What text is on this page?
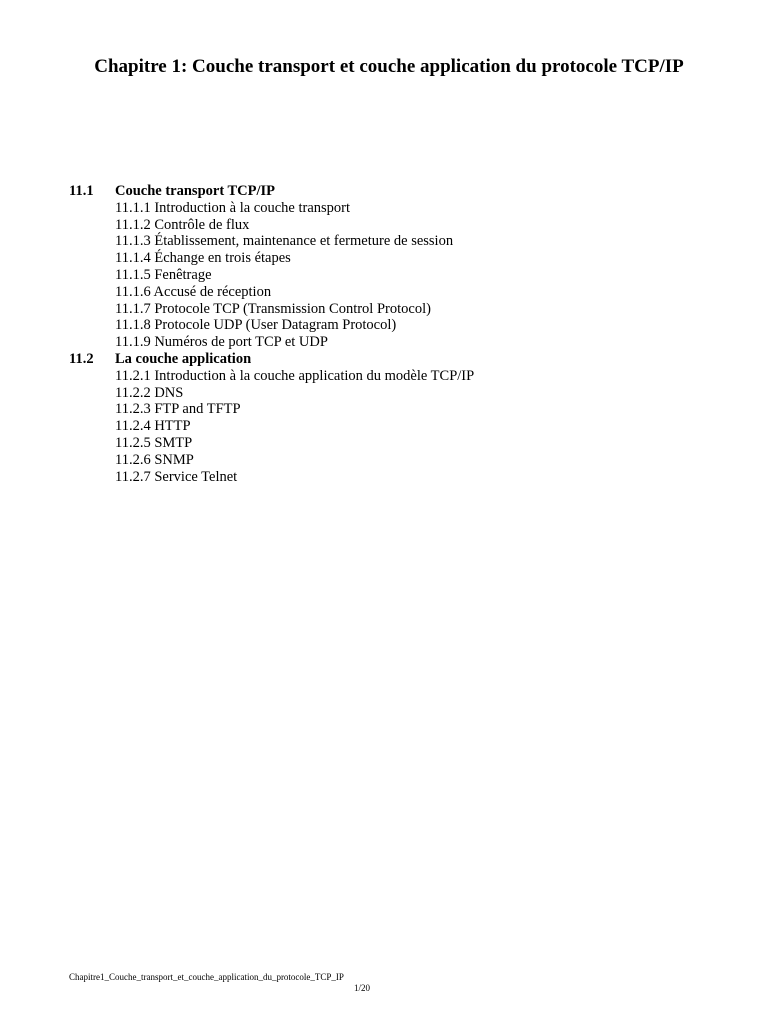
Chapitre 1: Couche transport et couche application du protocole TCP/IP
11.1	Couche transport TCP/IP
11.1.1 Introduction à la couche transport
11.1.2 Contrôle de flux
11.1.3 Établissement, maintenance et fermeture de session
11.1.4 Échange en trois étapes
11.1.5 Fenêtrage
11.1.6 Accusé de réception
11.1.7 Protocole TCP (Transmission Control Protocol)
11.1.8 Protocole UDP (User Datagram Protocol)
11.1.9 Numéros de port TCP et UDP
11.2	La couche application
11.2.1 Introduction à la couche application du modèle TCP/IP
11.2.2 DNS
11.2.3 FTP and TFTP
11.2.4 HTTP
11.2.5 SMTP
11.2.6 SNMP
11.2.7 Service Telnet
Chapitre1_Couche_transport_et_couche_application_du_protocole_TCP_IP
1/20
